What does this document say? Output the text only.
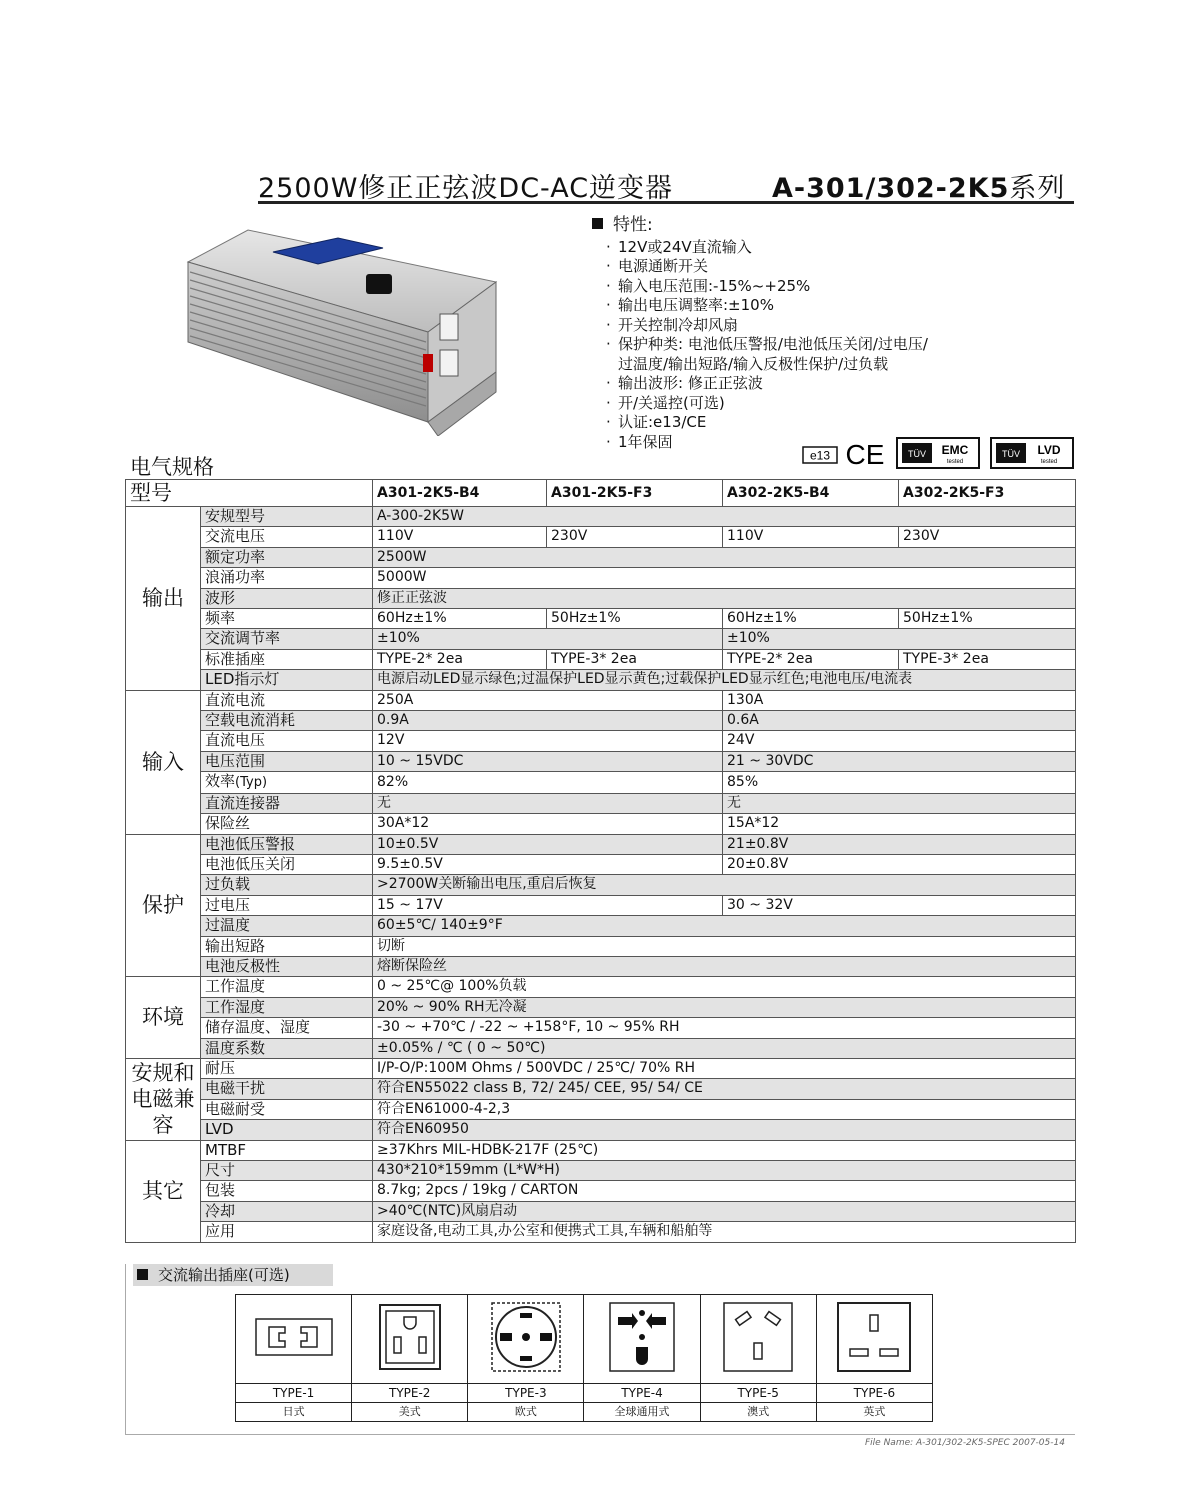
2500W修正正弦波DC-AC逆变器	A-301/302-2K5系列
特性:
· 12V或24V直流输入
· 电源通断开关
· 输入电压范围:-15%~+25%
· 输出电压调整率:±10%
· 开关控制冷却风扇
· 保护种类: 电池低压警报/电池低压关闭/过电压/
过温度/输出短路/输入反极性保护/过负载
· 输出波形: 修正正弦波
· 开/关遥控(可选)
· 认证:e13/CE
· 1年保固
e13 CE	TÜV EMC
tested
TÜV LVD
tested
电气规格
型号		A301-2K5-B4	A301-2K5-F3	A302-2K5-B4	A302-2K5-F3
输出	安规型号	A-300-2K5W			
	交流电压	110V	230V	110V	230V
	额定功率	2500W			
	浪涌功率	5000W			
	波形	修正正弦波			
	频率	60Hz±1%	50Hz±1%	60Hz±1%	50Hz±1%
	交流调节率	±10%		±10%	
	标准插座	TYPE-2* 2ea	TYPE-3* 2ea	TYPE-2* 2ea	TYPE-3* 2ea
	LED指示灯	电源启动LED显示绿色;过温保护LED显示黄色;过载保护LED显示红色;电池电压/电流表			
输入	直流电流	250A		130A	
	空载电流消耗	0.9A		0.6A	
	直流电压	12V		24V	
	电压范围	10 ~ 15VDC		21 ~ 30VDC	
	效率(Typ)	82%		85%	
	直流连接器	无		无	
	保险丝	30A*12		15A*12	
保护	电池低压警报	10±0.5V		21±0.8V	
	电池低压关闭	9.5±0.5V		20±0.8V	
	过负载	>2700W关断输出电压,重启后恢复			
	过电压	15 ~ 17V		30 ~ 32V	
	过温度	60±5℃/ 140±9°F			
	输出短路	切断			
	电池反极性	熔断保险丝			
环境	工作温度	0 ~ 25℃@ 100%负载			
	工作湿度	20% ~ 90% RH无冷凝			
	储存温度、湿度	-30 ~ +70℃ / -22 ~ +158°F, 10 ~ 95% RH			
	温度系数	±0.05% / ℃ ( 0 ~ 50℃)			
安规和电磁兼容	耐压	I/P-O/P:100M Ohms / 500VDC / 25℃/ 70% RH			
	电磁干扰	符合EN55022 class B, 72/ 245/ CEE, 95/ 54/ CE			
	电磁耐受	符合EN61000-4-2,3			
	LVD	符合EN60950			
其它	MTBF	≥37Khrs MIL-HDBK-217F (25℃)			
	尺寸	430*210*159mm (L*W*H)			
	包装	8.7kg; 2pcs / 19kg / CARTON			
	冷却	>40℃(NTC)风扇启动			
	应用	家庭设备,电动工具,办公室和便携式工具,车辆和船舶等			
交流输出插座(可选)

TYPE-1	TYPE-2	TYPE-3	TYPE-4	TYPE-5	TYPE-6
日式	美式	欧式	全球通用式	澳式	英式
File Name: A-301/302-2K5-SPEC 2007-05-14
